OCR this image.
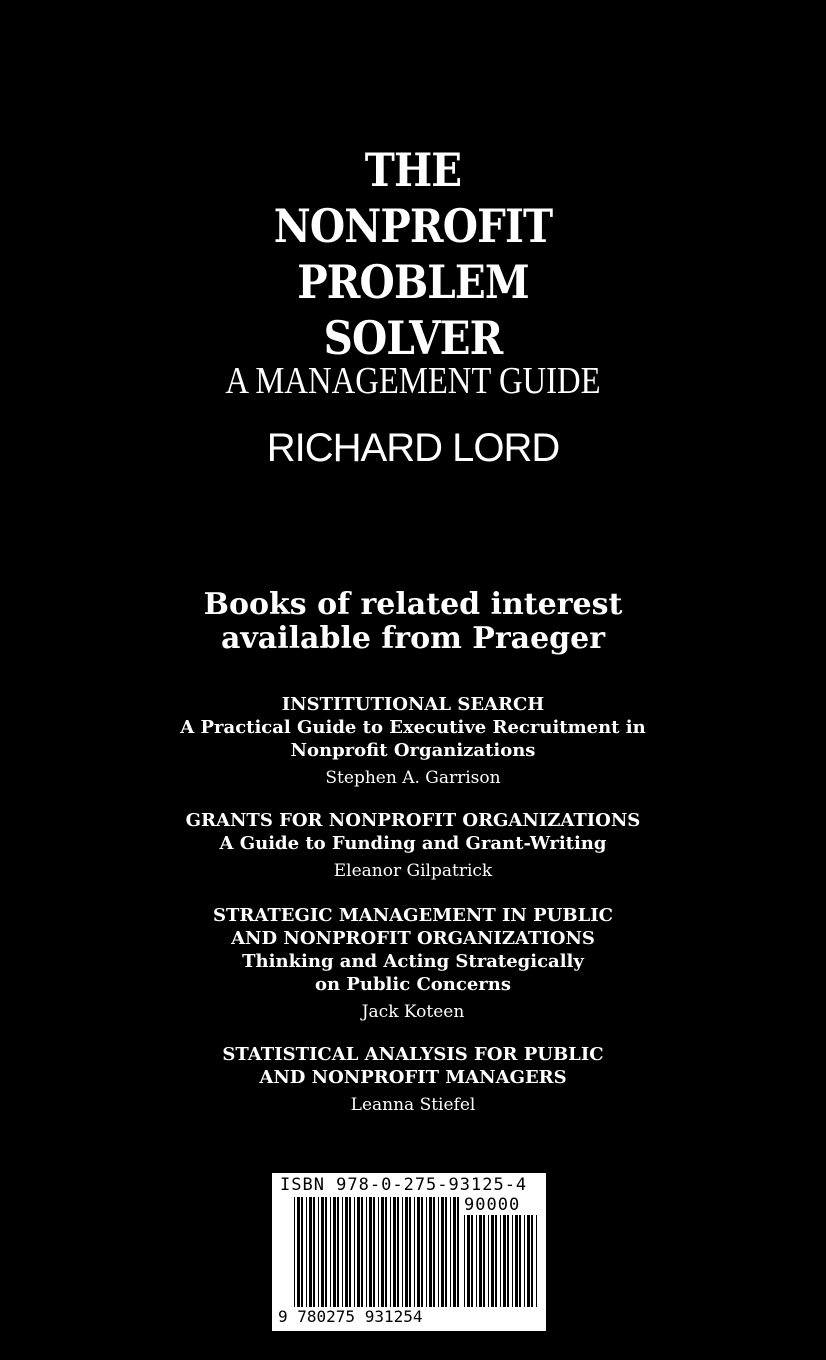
THE
NONPROFIT
PROBLEM
SOLVER
A MANAGEMENT GUIDE
RICHARD LORD
Books of related interest
available from Praeger
INSTITUTIONAL SEARCH
A Practical Guide to Executive Recruitment in
Nonprofit Organizations
Stephen A. Garrison
GRANTS FOR NONPROFIT ORGANIZATIONS
A Guide to Funding and Grant-Writing
Eleanor Gilpatrick
STRATEGIC MANAGEMENT IN PUBLIC
AND NONPROFIT ORGANIZATIONS
Thinking and Acting Strategically
on Public Concerns
Jack Koteen
STATISTICAL ANALYSIS FOR PUBLIC
AND NONPROFIT MANAGERS
Leanna Stiefel
ISBN 978-0-275-93125-4
90000
9 780275 931254
